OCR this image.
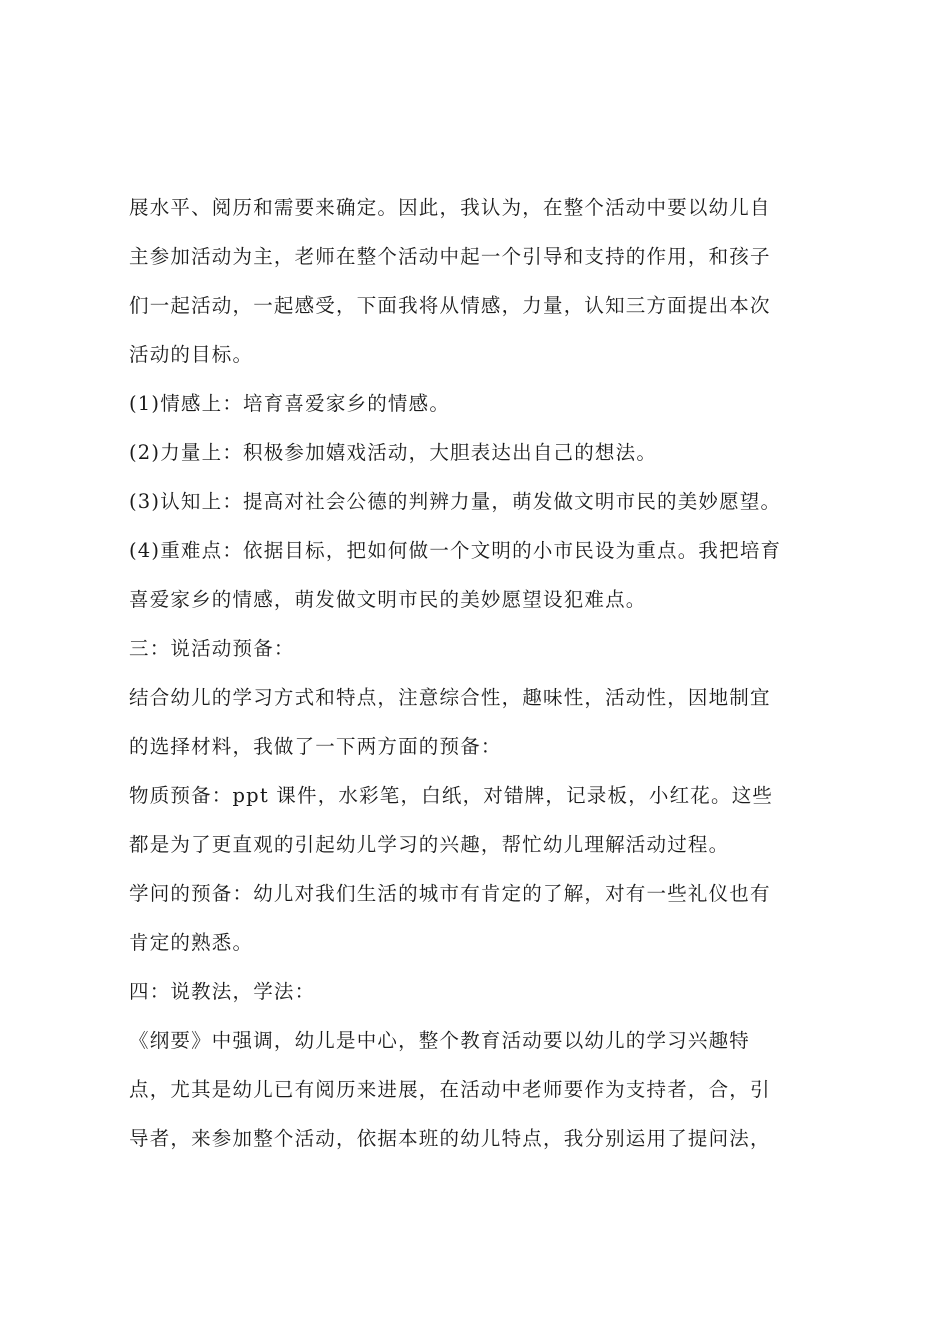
展水平、阅历和需要来确定。因此，我认为，在整个活动中要以幼儿自
主参加活动为主，老师在整个活动中起一个引导和支持的作用，和孩子
们一起活动，一起感受，下面我将从情感，力量，认知三方面提出本次
活动的目标。
(1)情感上：培育喜爱家乡的情感。
(2)力量上：积极参加嬉戏活动，大胆表达出自己的想法。
(3)认知上：提高对社会公德的判辨力量，萌发做文明市民的美妙愿望。
(4)重难点：依据目标，把如何做一个文明的小市民设为重点。我把培育
喜爱家乡的情感，萌发做文明市民的美妙愿望设犯难点。
三：说活动预备：
结合幼儿的学习方式和特点，注意综合性，趣味性，活动性，因地制宜
的选择材料，我做了一下两方面的预备：
物质预备：ppt 课件，水彩笔，白纸，对错牌，记录板，小红花。这些
都是为了更直观的引起幼儿学习的兴趣，帮忙幼儿理解活动过程。
学问的预备：幼儿对我们生活的城市有肯定的了解，对有一些礼仪也有
肯定的熟悉。
四：说教法，学法：
《纲要》中强调，幼儿是中心，整个教育活动要以幼儿的学习兴趣特
点，尤其是幼儿已有阅历来进展，在活动中老师要作为支持者，合，引
导者，来参加整个活动，依据本班的幼儿特点，我分别运用了提问法，
